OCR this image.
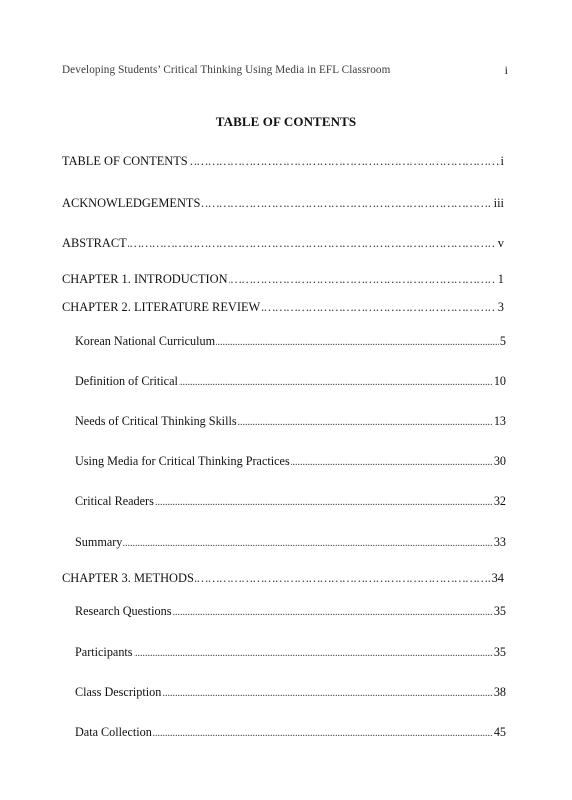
Developing Students’ Critical Thinking Using Media in EFL Classroom	i
TABLE OF CONTENTS
TABLE OF CONTENTS …………………………………………………………………………………………………………………………………………………………………………………………	i
ACKNOWLEDGEMENTS …………………………………………………………………………………………………………………………………………………………………………………………	iii
ABSTRACT …………………………………………………………………………………………………………………………………………………………………………………………	v
CHAPTER 1. INTRODUCTION …………………………………………………………………………………………………………………………………………………………………………………………	1
CHAPTER 2. LITERATURE REVIEW …………………………………………………………………………………………………………………………………………………………………………………………	3
Korean National Curriculum .....	5
Definition of Critical .....	10
Needs of Critical Thinking Skills .....	13
Using Media for Critical Thinking Practices .....	30
Critical Readers .....	32
Summary .....	33
CHAPTER 3. METHODS …………………………………………………………………………………………………………………………………………………………………………………………	34
Research Questions .....	35
Participants .....	35
Class Description .....	38
Data Collection .....	45
